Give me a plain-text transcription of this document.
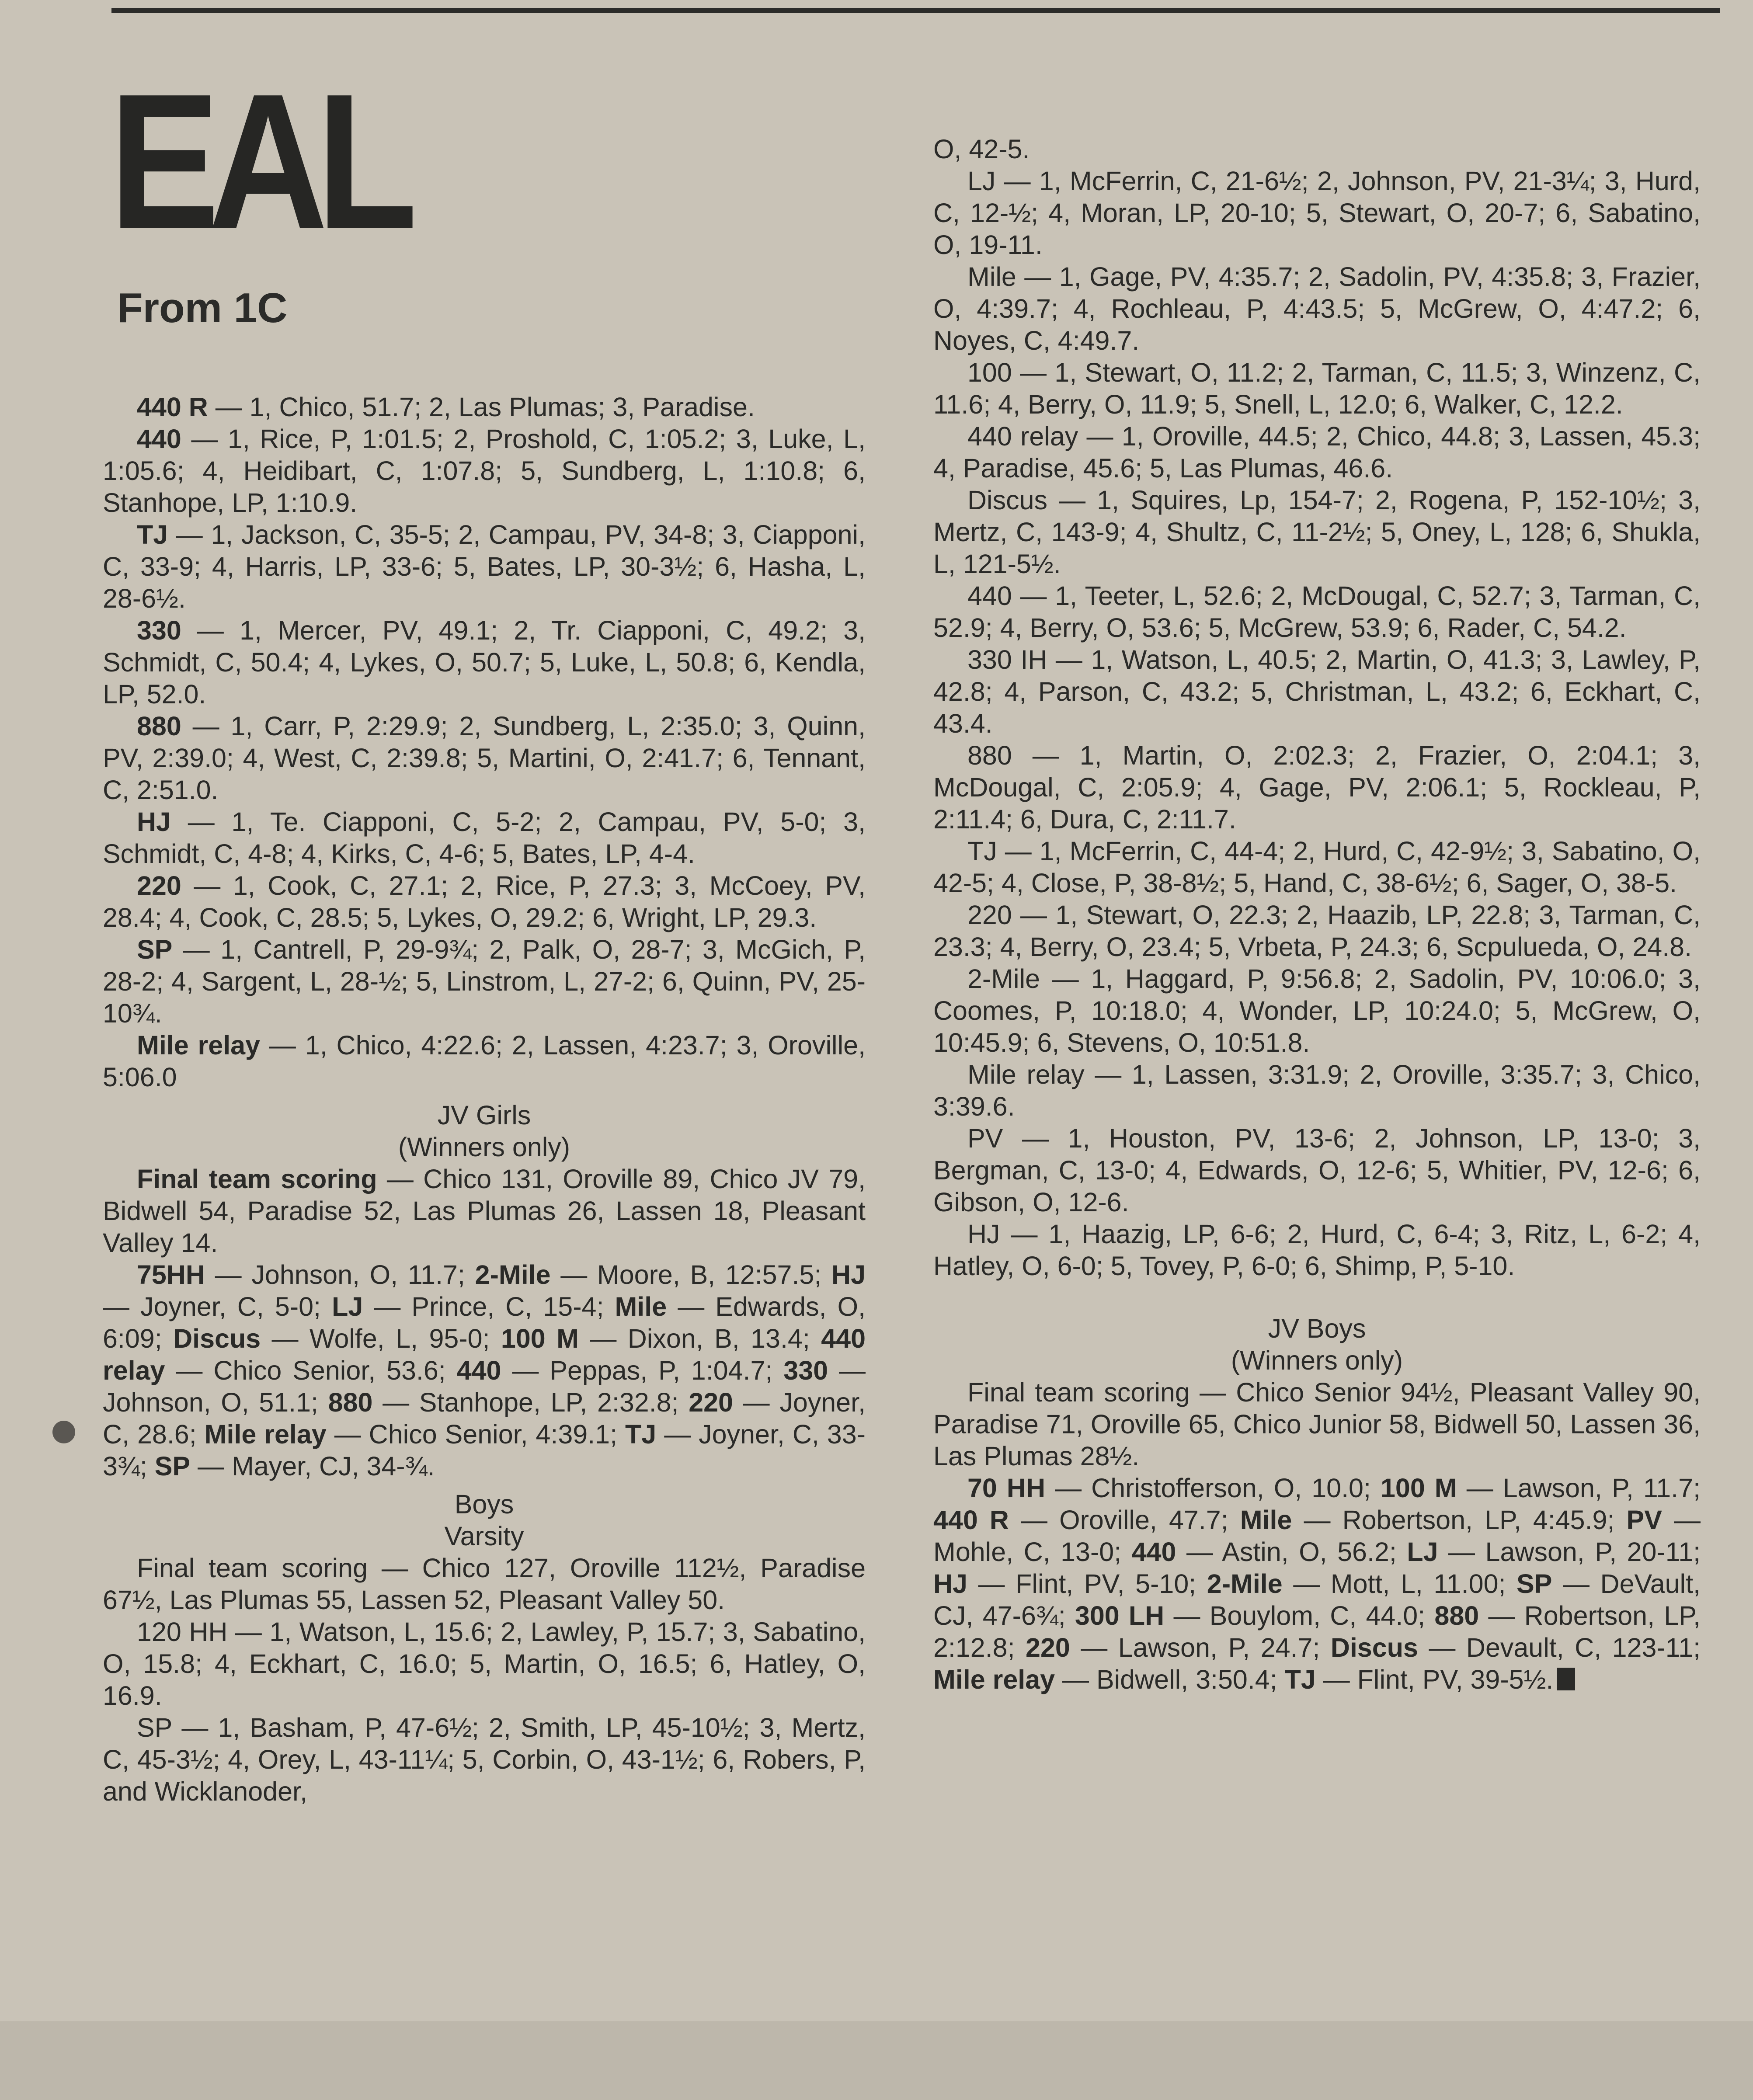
EAL
From 1C

440 R — 1, Chico, 51.7; 2, Las Plumas; 3, Paradise.

440 — 1, Rice, P, 1:01.5; 2, Proshold, C, 1:05.2; 3, Luke, L, 1:05.6; 4, Heidibart, C, 1:07.8; 5, Sundberg, L, 1:10.8; 6, Stanhope, LP, 1:10.9.

TJ — 1, Jackson, C, 35-5; 2, Campau, PV, 34-8; 3, Ciapponi, C, 33-9; 4, Harris, LP, 33-6; 5, Bates, LP, 30-3½; 6, Hasha, L, 28-6½.

330 — 1, Mercer, PV, 49.1; 2, Tr. Ciapponi, C, 49.2; 3, Schmidt, C, 50.4; 4, Lykes, O, 50.7; 5, Luke, L, 50.8; 6, Kendla, LP, 52.0.

880 — 1, Carr, P, 2:29.9; 2, Sundberg, L, 2:35.0; 3, Quinn, PV, 2:39.0; 4, West, C, 2:39.8; 5, Martini, O, 2:41.7; 6, Tennant, C, 2:51.0.

HJ — 1, Te. Ciapponi, C, 5-2; 2, Campau, PV, 5-0; 3, Schmidt, C, 4-8; 4, Kirks, C, 4-6; 5, Bates, LP, 4-4.

220 — 1, Cook, C, 27.1; 2, Rice, P, 27.3; 3, McCoey, PV, 28.4; 4, Cook, C, 28.5; 5, Lykes, O, 29.2; 6, Wright, LP, 29.3.

SP — 1, Cantrell, P, 29-9¾; 2, Palk, O, 28-7; 3, McGich, P, 28-2; 4, Sargent, L, 28-½; 5, Linstrom, L, 27-2; 6, Quinn, PV, 25-10¾.

Mile relay — 1, Chico, 4:22.6; 2, Lassen, 4:23.7; 3, Oroville, 5:06.0

JV Girls

(Winners only)

Final team scoring — Chico 131, Oroville 89, Chico JV 79, Bidwell 54, Paradise 52, Las Plumas 26, Lassen 18, Pleasant Valley 14.

75HH — Johnson, O, 11.7; 2-Mile — Moore, B, 12:57.5; HJ — Joyner, C, 5-0; LJ — Prince, C, 15-4; Mile — Edwards, O, 6:09; Discus — Wolfe, L, 95-0; 100 M — Dixon, B, 13.4; 440 relay — Chico Senior, 53.6; 440 — Peppas, P, 1:04.7; 330 — Johnson, O, 51.1; 880 — Stanhope, LP, 2:32.8; 220 — Joyner, C, 28.6; Mile relay — Chico Senior, 4:39.1; TJ — Joyner, C, 33-3¾; SP — Mayer, CJ, 34-¾.

Boys

Varsity

Final team scoring — Chico 127, Oroville 112½, Paradise 67½, Las Plumas 55, Lassen 52, Pleasant Valley 50.

120 HH — 1, Watson, L, 15.6; 2, Lawley, P, 15.7; 3, Sabatino, O, 15.8; 4, Eckhart, C, 16.0; 5, Martin, O, 16.5; 6, Hatley, O, 16.9.

SP — 1, Basham, P, 47-6½; 2, Smith, LP, 45-10½; 3, Mertz, C, 45-3½; 4, Orey, L, 43-11¼; 5, Corbin, O, 43-1½; 6, Robers, P, and Wicklanoder,

O, 42-5.

LJ — 1, McFerrin, C, 21-6½; 2, Johnson, PV, 21-3¼; 3, Hurd, C, 12-½; 4, Moran, LP, 20-10; 5, Stewart, O, 20-7; 6, Sabatino, O, 19-11.

Mile — 1, Gage, PV, 4:35.7; 2, Sadolin, PV, 4:35.8; 3, Frazier, O, 4:39.7; 4, Rochleau, P, 4:43.5; 5, McGrew, O, 4:47.2; 6, Noyes, C, 4:49.7.

100 — 1, Stewart, O, 11.2; 2, Tarman, C, 11.5; 3, Winzenz, C, 11.6; 4, Berry, O, 11.9; 5, Snell, L, 12.0; 6, Walker, C, 12.2.

440 relay — 1, Oroville, 44.5; 2, Chico, 44.8; 3, Lassen, 45.3; 4, Paradise, 45.6; 5, Las Plumas, 46.6.

Discus — 1, Squires, Lp, 154-7; 2, Rogena, P, 152-10½; 3, Mertz, C, 143-9; 4, Shultz, C, 11-2½; 5, Oney, L, 128; 6, Shukla, L, 121-5½.

440 — 1, Teeter, L, 52.6; 2, McDougal, C, 52.7; 3, Tarman, C, 52.9; 4, Berry, O, 53.6; 5, McGrew, 53.9; 6, Rader, C, 54.2.

330 IH — 1, Watson, L, 40.5; 2, Martin, O, 41.3; 3, Lawley, P, 42.8; 4, Parson, C, 43.2; 5, Christman, L, 43.2; 6, Eckhart, C, 43.4.

880 — 1, Martin, O, 2:02.3; 2, Frazier, O, 2:04.1; 3, McDougal, C, 2:05.9; 4, Gage, PV, 2:06.1; 5, Rockleau, P, 2:11.4; 6, Dura, C, 2:11.7.

TJ — 1, McFerrin, C, 44-4; 2, Hurd, C, 42-9½; 3, Sabatino, O, 42-5; 4, Close, P, 38-8½; 5, Hand, C, 38-6½; 6, Sager, O, 38-5.

220 — 1, Stewart, O, 22.3; 2, Haazib, LP, 22.8; 3, Tarman, C, 23.3; 4, Berry, O, 23.4; 5, Vrbeta, P, 24.3; 6, Scpulueda, O, 24.8.

2-Mile — 1, Haggard, P, 9:56.8; 2, Sadolin, PV, 10:06.0; 3, Coomes, P, 10:18.0; 4, Wonder, LP, 10:24.0; 5, McGrew, O, 10:45.9; 6, Stevens, O, 10:51.8.

Mile relay — 1, Lassen, 3:31.9; 2, Oroville, 3:35.7; 3, Chico, 3:39.6.

PV — 1, Houston, PV, 13-6; 2, Johnson, LP, 13-0; 3, Bergman, C, 13-0; 4, Edwards, O, 12-6; 5, Whitier, PV, 12-6; 6, Gibson, O, 12-6.

HJ — 1, Haazig, LP, 6-6; 2, Hurd, C, 6-4; 3, Ritz, L, 6-2; 4, Hatley, O, 6-0; 5, Tovey, P, 6-0; 6, Shimp, P, 5-10.

JV Boys

(Winners only)

Final team scoring — Chico Senior 94½, Pleasant Valley 90, Paradise 71, Oroville 65, Chico Junior 58, Bidwell 50, Lassen 36, Las Plumas 28½.

70 HH — Christofferson, O, 10.0; 100 M — Lawson, P, 11.7; 440 R — Oroville, 47.7; Mile — Robertson, LP, 4:45.9; PV — Mohle, C, 13-0; 440 — Astin, O, 56.2; LJ — Lawson, P, 20-11; HJ — Flint, PV, 5-10; 2-Mile — Mott, L, 11.00; SP — DeVault, CJ, 47-6¾; 300 LH — Bouylom, C, 44.0; 880 — Robertson, LP, 2:12.8; 220 — Lawson, P, 24.7; Discus — Devault, C, 123-11; Mile relay — Bidwell, 3:50.4; TJ — Flint, PV, 39-5½.
